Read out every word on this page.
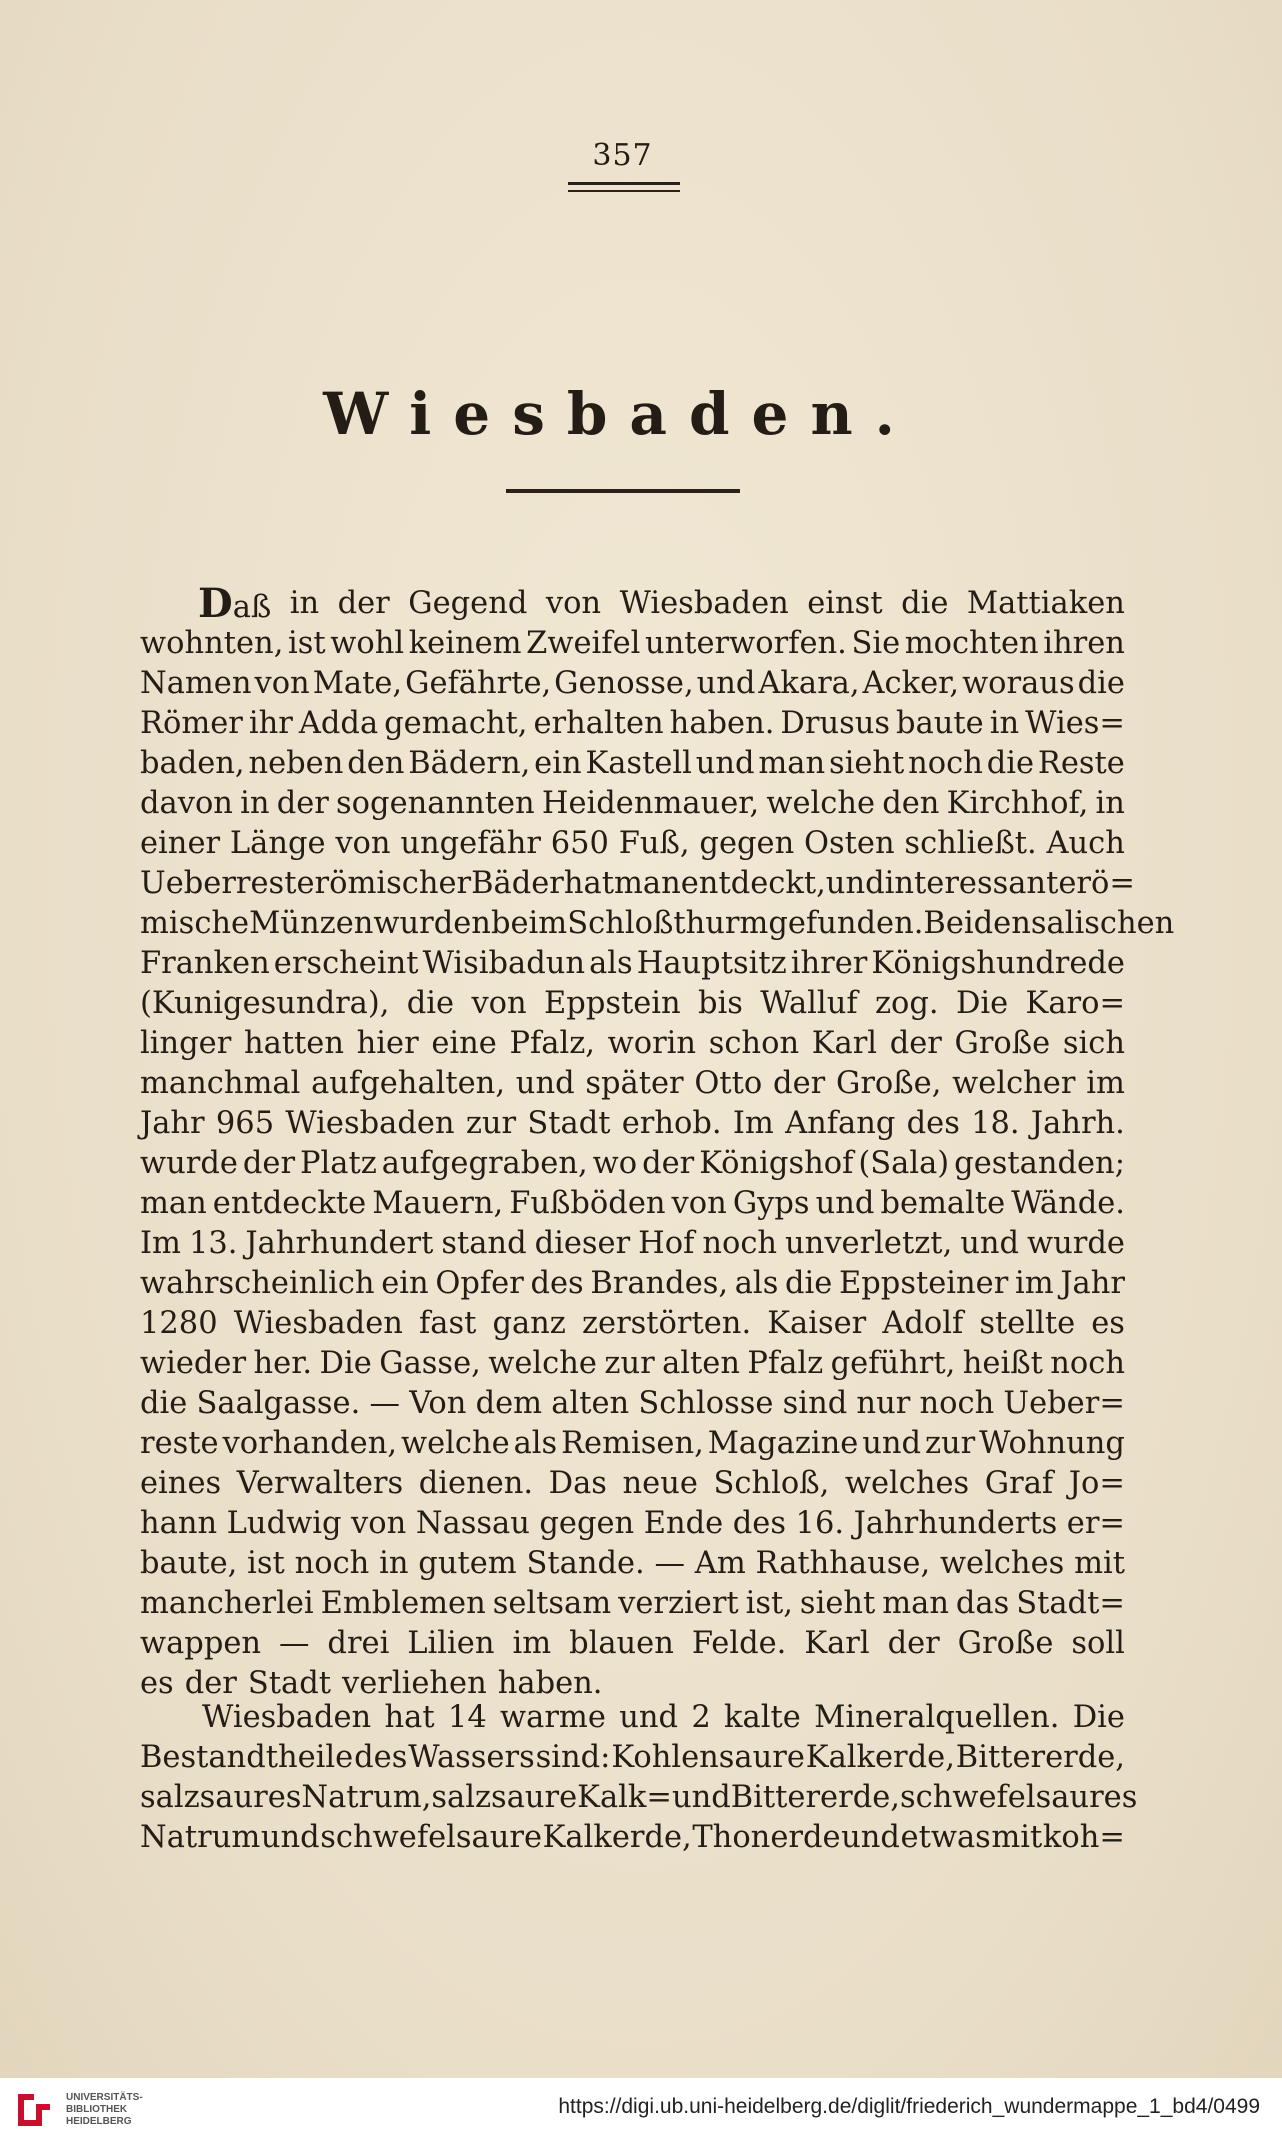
357
Wiesbaden.
Daß in der Gegend von Wiesbaden einst die Mattiaken
wohnten, ist wohl keinem Zweifel unterworfen. Sie mochten ihren
Namen von Mate, Gefährte, Genosse, und Akara, Acker, woraus die
Römer ihr Adda gemacht, erhalten haben. Drusus baute in Wies=
baden, neben den Bädern, ein Kastell und man sieht noch die Reste
davon in der sogenannten Heidenmauer, welche den Kirchhof, in
einer Länge von ungefähr 650 Fuß, gegen Osten schließt. Auch
Ueberreste römischer Bäder hat man entdeckt, und interessante rö=
mische Münzen wurden beim Schloßthurm gefunden. Bei den salischen
Franken erscheint Wisibadun als Hauptsitz ihrer Königshundrede
(Kunigesundra), die von Eppstein bis Walluf zog. Die Karo=
linger hatten hier eine Pfalz, worin schon Karl der Große sich
manchmal aufgehalten, und später Otto der Große, welcher im
Jahr 965 Wiesbaden zur Stadt erhob. Im Anfang des 18. Jahrh.
wurde der Platz aufgegraben, wo der Königshof (Sala) gestanden;
man entdeckte Mauern, Fußböden von Gyps und bemalte Wände.
Im 13. Jahrhundert stand dieser Hof noch unverletzt, und wurde
wahrscheinlich ein Opfer des Brandes, als die Eppsteiner im Jahr
1280 Wiesbaden fast ganz zerstörten. Kaiser Adolf stellte es
wieder her. Die Gasse, welche zur alten Pfalz geführt, heißt noch
die Saalgasse. — Von dem alten Schlosse sind nur noch Ueber=
reste vorhanden, welche als Remisen, Magazine und zur Wohnung
eines Verwalters dienen. Das neue Schloß, welches Graf Jo=
hann Ludwig von Nassau gegen Ende des 16. Jahrhunderts er=
baute, ist noch in gutem Stande. — Am Rathhause, welches mit
mancherlei Emblemen seltsam verziert ist, sieht man das Stadt=
wappen — drei Lilien im blauen Felde. Karl der Große soll
es der Stadt verliehen haben.
Wiesbaden hat 14 warme und 2 kalte Mineralquellen. Die
Bestandtheile des Wassers sind: Kohlensaure Kalkerde, Bittererde,
salzsaures Natrum, salzsaure Kalk= und Bittererde, schwefelsaures
Natrum und schwefelsaure Kalkerde, Thonerde und etwas mit koh=
UNIVERSITÄTS-
BIBLIOTHEK
HEIDELBERG
https://digi.ub.uni-heidelberg.de/diglit/friederich_wundermappe_1_bd4/0499
